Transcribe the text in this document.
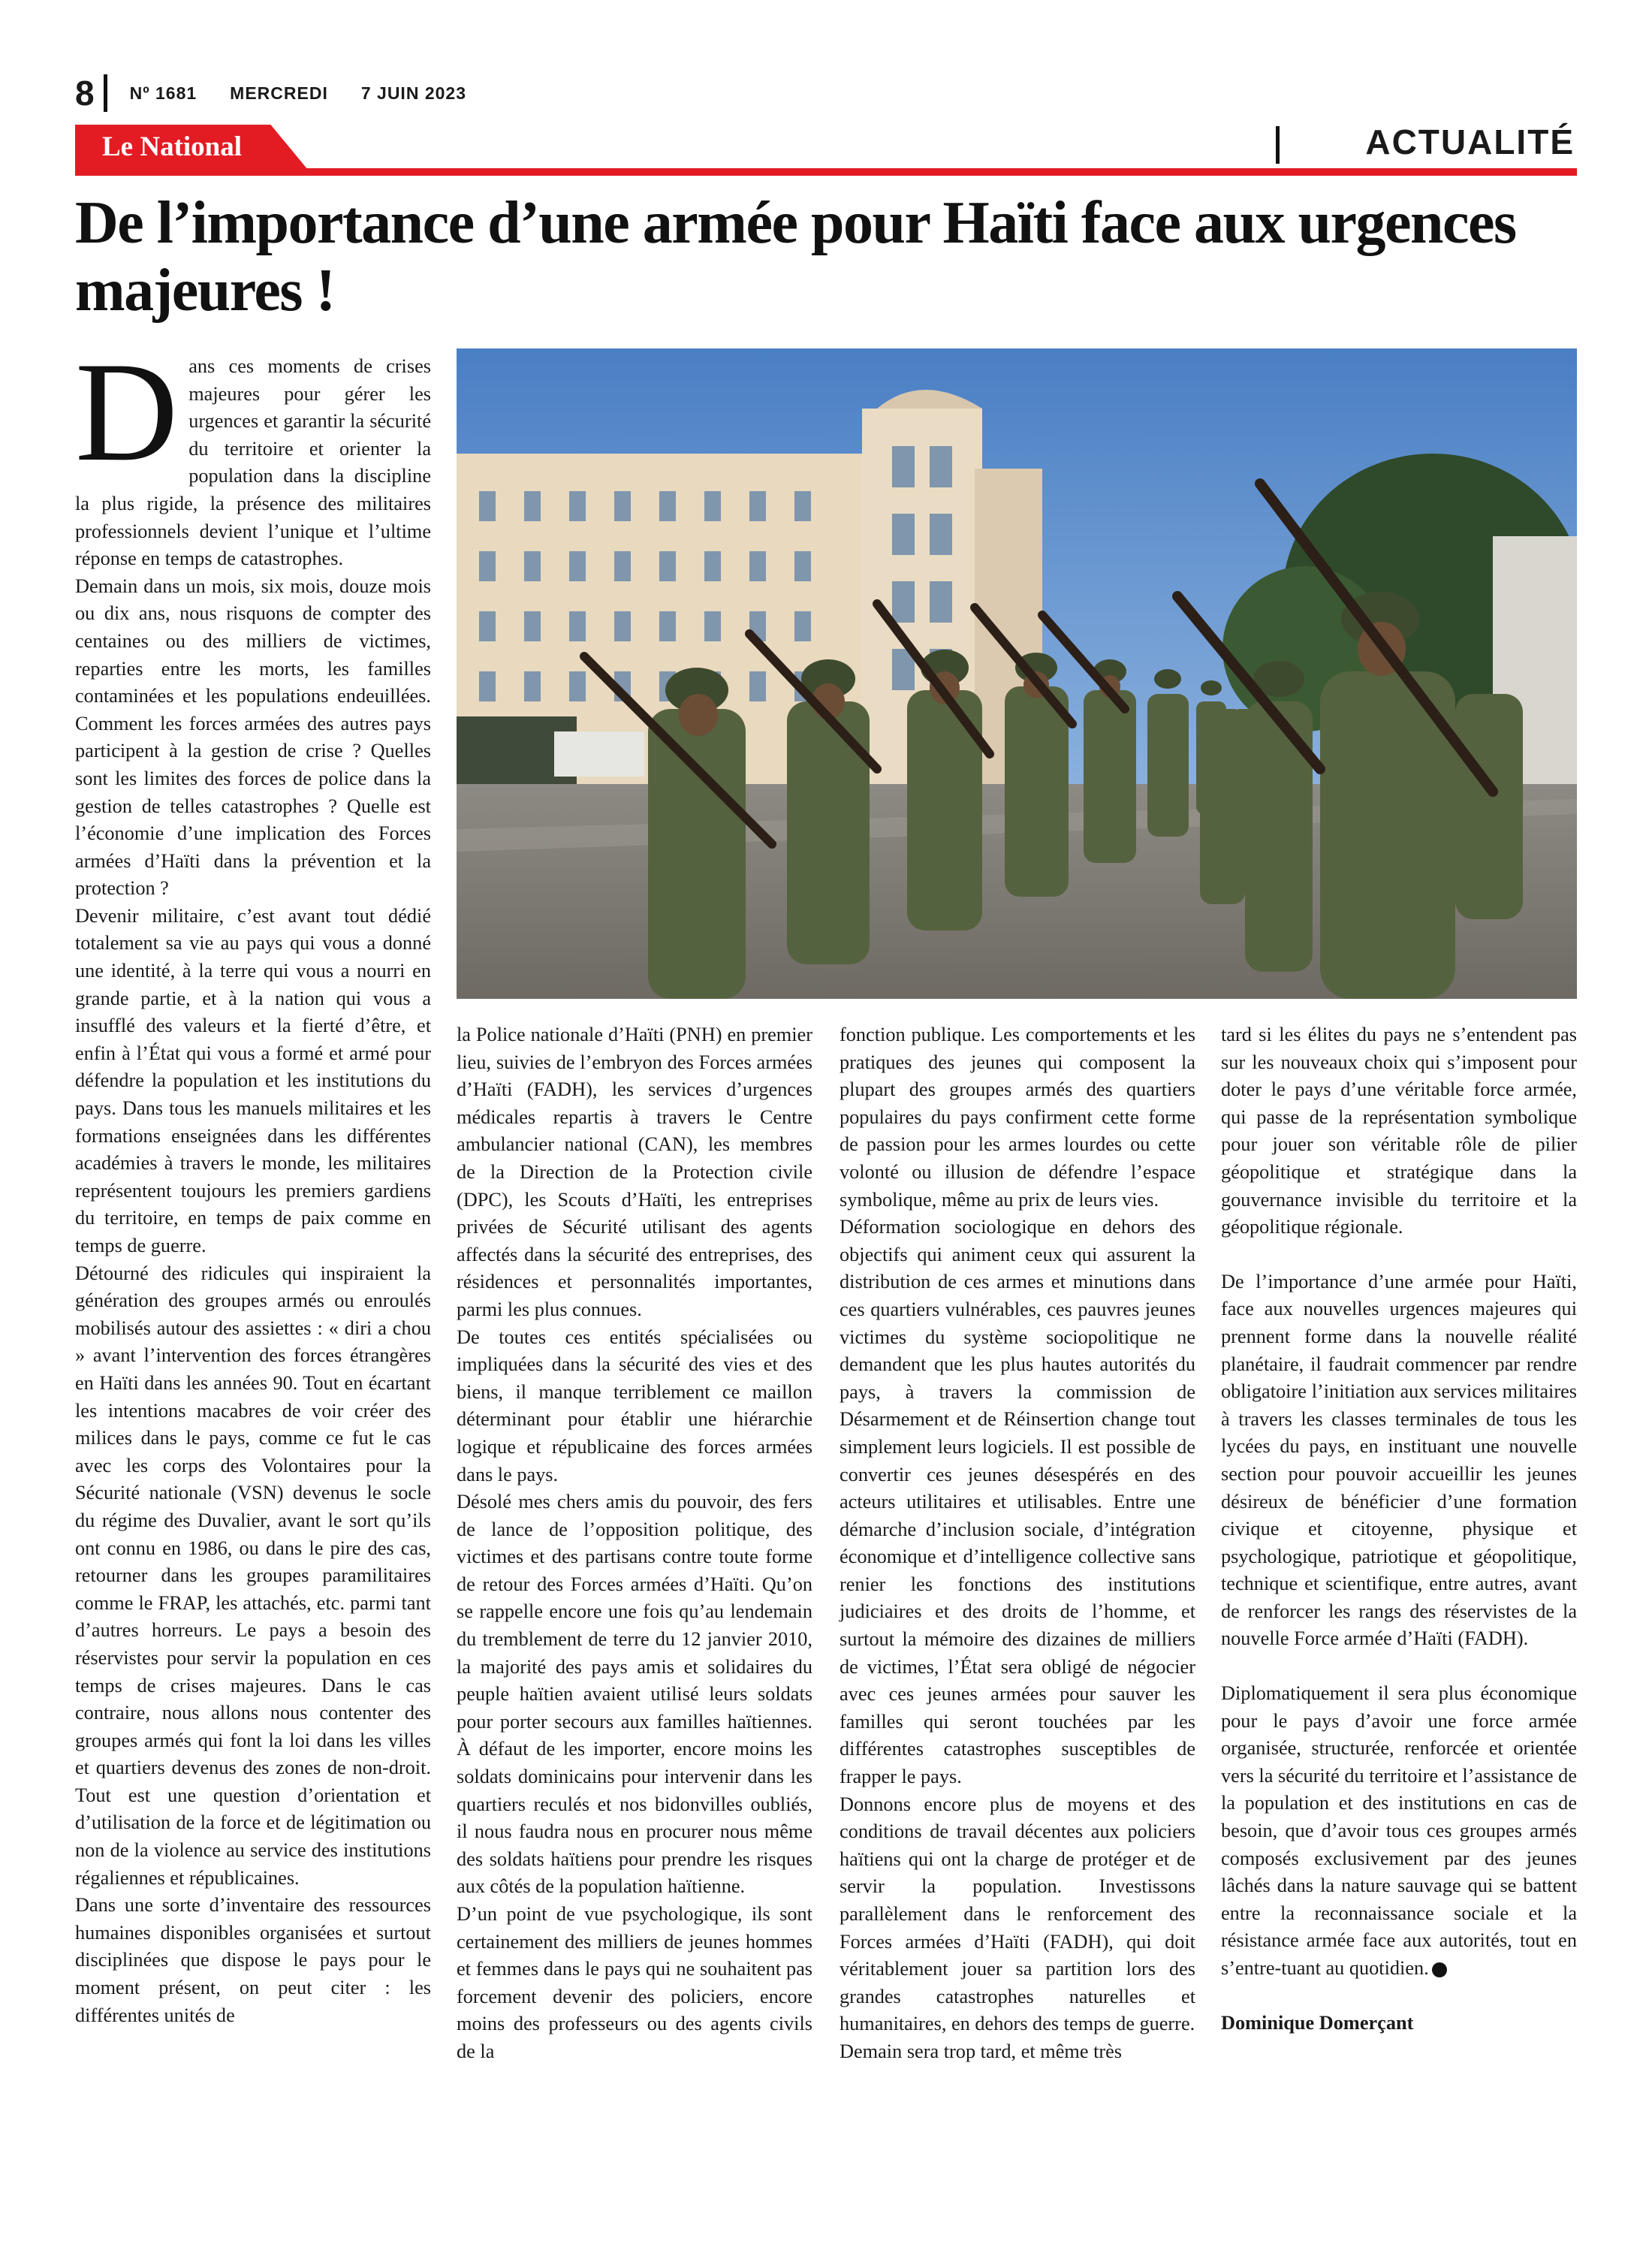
8 Nº 1681 MERCREDI 7 JUIN 2023
Le National	ACTUALITÉ
De l’importance d’une armée pour Haïti face aux urgences majeures !

Dans ces moments de crises majeures pour gérer les urgences et garantir la sécurité du territoire et orienter la population dans la discipline la plus rigide, la présence des militaires professionnels devient l’unique et l’ultime réponse en temps de catastrophes.

Demain dans un mois, six mois, douze mois ou dix ans, nous risquons de compter des centaines ou des milliers de victimes, reparties entre les morts, les familles contaminées et les populations endeuillées. Comment les forces armées des autres pays participent à la gestion de crise ? Quelles sont les limites des forces de police dans la gestion de telles catastrophes ? Quelle est l’économie d’une implication des Forces armées d’Haïti dans la prévention et la protection ?

Devenir militaire, c’est avant tout dédié totalement sa vie au pays qui vous a donné une identité, à la terre qui vous a nourri en grande partie, et à la nation qui vous a insufflé des valeurs et la fierté d’être, et enfin à l’État qui vous a formé et armé pour défendre la population et les institutions du pays. Dans tous les manuels militaires et les formations enseignées dans les différentes académies à travers le monde, les militaires représentent toujours les premiers gardiens du territoire, en temps de paix comme en temps de guerre.

Détourné des ridicules qui inspiraient la génération des groupes armés ou enroulés mobilisés autour des assiettes : « diri a chou » avant l’intervention des forces étrangères en Haïti dans les années 90. Tout en écartant les intentions macabres de voir créer des milices dans le pays, comme ce fut le cas avec les corps des Volontaires pour la Sécurité nationale (VSN) devenus le socle du régime des Duvalier, avant le sort qu’ils ont connu en 1986, ou dans le pire des cas, retourner dans les groupes paramilitaires comme le FRAP, les attachés, etc. parmi tant d’autres horreurs. Le pays a besoin des réservistes pour servir la population en ces temps de crises majeures. Dans le cas contraire, nous allons nous contenter des groupes armés qui font la loi dans les villes et quartiers devenus des zones de non-droit. Tout est une question d’orientation et d’utilisation de la force et de légitimation ou non de la violence au service des institutions régaliennes et républicaines.

Dans une sorte d’inventaire des ressources humaines disponibles organisées et surtout disciplinées que dispose le pays pour le moment présent, on peut citer : les différentes unités de

la Police nationale d’Haïti (PNH) en premier lieu, suivies de l’embryon des Forces armées d’Haïti (FADH), les services d’urgences médicales repartis à travers le Centre ambulancier national (CAN), les membres de la Direction de la Protection civile (DPC), les Scouts d’Haïti, les entreprises privées de Sécurité utilisant des agents affectés dans la sécurité des entreprises, des résidences et personnalités importantes, parmi les plus connues.

De toutes ces entités spécialisées ou impliquées dans la sécurité des vies et des biens, il manque terriblement ce maillon déterminant pour établir une hiérarchie logique et républicaine des forces armées dans le pays.

Désolé mes chers amis du pouvoir, des fers de lance de l’opposition politique, des victimes et des partisans contre toute forme de retour des Forces armées d’Haïti. Qu’on se rappelle encore une fois qu’au lendemain du tremblement de terre du 12 janvier 2010, la majorité des pays amis et solidaires du peuple haïtien avaient utilisé leurs soldats pour porter secours aux familles haïtiennes. À défaut de les importer, encore moins les soldats dominicains pour intervenir dans les quartiers reculés et nos bidonvilles oubliés, il nous faudra nous en procurer nous même des soldats haïtiens pour prendre les risques aux côtés de la population haïtienne.

D’un point de vue psychologique, ils sont certainement des milliers de jeunes hommes et femmes dans le pays qui ne souhaitent pas forcement devenir des policiers, encore moins des professeurs ou des agents civils de la

fonction publique. Les comportements et les pratiques des jeunes qui composent la plupart des groupes armés des quartiers populaires du pays confirment cette forme de passion pour les armes lourdes ou cette volonté ou illusion de défendre l’espace symbolique, même au prix de leurs vies.

Déformation sociologique en dehors des objectifs qui animent ceux qui assurent la distribution de ces armes et minutions dans ces quartiers vulnérables, ces pauvres jeunes victimes du système sociopolitique ne demandent que les plus hautes autorités du pays, à travers la commission de Désarmement et de Réinsertion change tout simplement leurs logiciels. Il est possible de convertir ces jeunes désespérés en des acteurs utilitaires et utilisables. Entre une démarche d’inclusion sociale, d’intégration économique et d’intelligence collective sans renier les fonctions des institutions judiciaires et des droits de l’homme, et surtout la mémoire des dizaines de milliers de victimes, l’État sera obligé de négocier avec ces jeunes armées pour sauver les familles qui seront touchées par les différentes catastrophes susceptibles de frapper le pays.

Donnons encore plus de moyens et des conditions de travail décentes aux policiers haïtiens qui ont la charge de protéger et de servir la population. Investissons parallèlement dans le renforcement des Forces armées d’Haïti (FADH), qui doit véritablement jouer sa partition lors des grandes catastrophes naturelles et humanitaires, en dehors des temps de guerre.

Demain sera trop tard, et même très

tard si les élites du pays ne s’entendent pas sur les nouveaux choix qui s’imposent pour doter le pays d’une véritable force armée, qui passe de la représentation symbolique pour jouer son véritable rôle de pilier géopolitique et stratégique dans la gouvernance invisible du territoire et la géopolitique régionale.

De l’importance d’une armée pour Haïti, face aux nouvelles urgences majeures qui prennent forme dans la nouvelle réalité planétaire, il faudrait commencer par rendre obligatoire l’initiation aux services militaires à travers les classes terminales de tous les lycées du pays, en instituant une nouvelle section pour pouvoir accueillir les jeunes désireux de bénéficier d’une formation civique et citoyenne, physique et psychologique, patriotique et géopolitique, technique et scientifique, entre autres, avant de renforcer les rangs des réservistes de la nouvelle Force armée d’Haïti (FADH).

Diplomatiquement il sera plus économique pour le pays d’avoir une force armée organisée, structurée, renforcée et orientée vers la sécurité du territoire et l’assistance de la population et des institutions en cas de besoin, que d’avoir tous ces groupes armés composés exclusivement par des jeunes lâchés dans la nature sauvage qui se battent entre la reconnaissance sociale et la résistance armée face aux autorités, tout en s’entre-tuant au quotidien.

Dominique Domerçant
